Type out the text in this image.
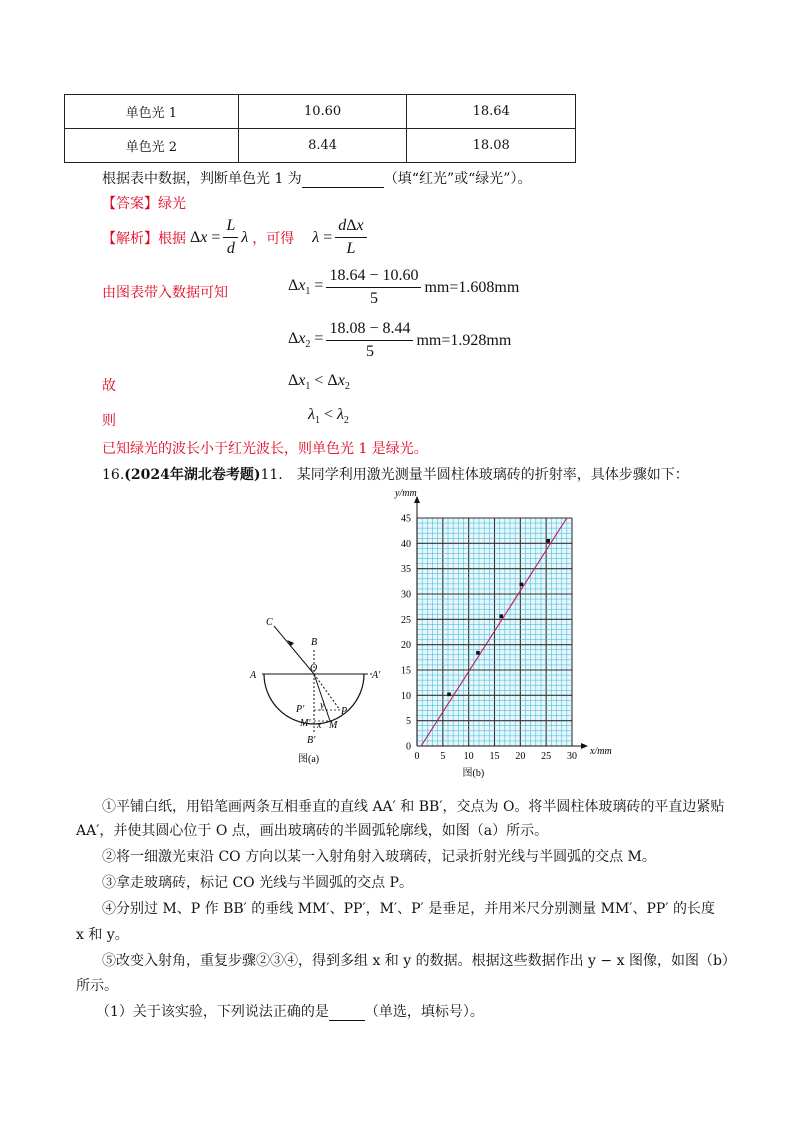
单色光 1	10.60	18.64
单色光 2	8.44	18.08
根据表中数据，判断单色光 1 为	（填“红光”或“绿光”）。
【答案】绿光
【解析】 根据 $\Delta x = \frac{L}{d}$ λ ，可得 $\lambda = \frac{\text{dΔx}}{L}$
由图表带入数据可知	$\Delta x_1 = \frac{18.64 - 10.60}{5} mm=1.608mm$
$\Delta x_2 = \frac{18.08 - 8.44}{5} mm=1.928mm$
故	$\Delta x_1 < \Delta x_2$
则	$\lambda_1 < \lambda_2$
已知绿光的波长小于红光波长，则单色光 1 是绿光。
16.(2024年湖北卷考题)11.　某同学利用激光测量半圆柱体玻璃砖的折射率，具体步骤如下：
C
B
O
A	A′
P′ y
P
M′ x M
B′
图(a)	0 5 10 15 20 25 30
0
5
10
15
20
25
30
35
40
45
x/mm
y/mm
图(b)
①平铺白纸，用铅笔画两条互相垂直的直线 AA′ 和 BB′，交点为 O。将半圆柱体玻璃砖的平直边紧贴
AA′，并使其圆心位于 O 点，画出玻璃砖的半圆弧轮廓线，如图（a）所示。
②将一细激光束沿 CO 方向以某一入射角射入玻璃砖，记录折射光线与半圆弧的交点 M。
③拿走玻璃砖，标记 CO 光线与半圆弧的交点 P。
④分别过 M、P 作 BB′ 的垂线 MM′、PP′，M′、P′ 是垂足，并用米尺分别测量 MM′、PP′ 的长度
x 和 y。
⑤改变入射角，重复步骤②③④，得到多组 x 和 y 的数据。根据这些数据作出 y − x 图像，如图（b）
所示。
（1）关于该实验，下列说法正确的是	（单选，填标号）。
